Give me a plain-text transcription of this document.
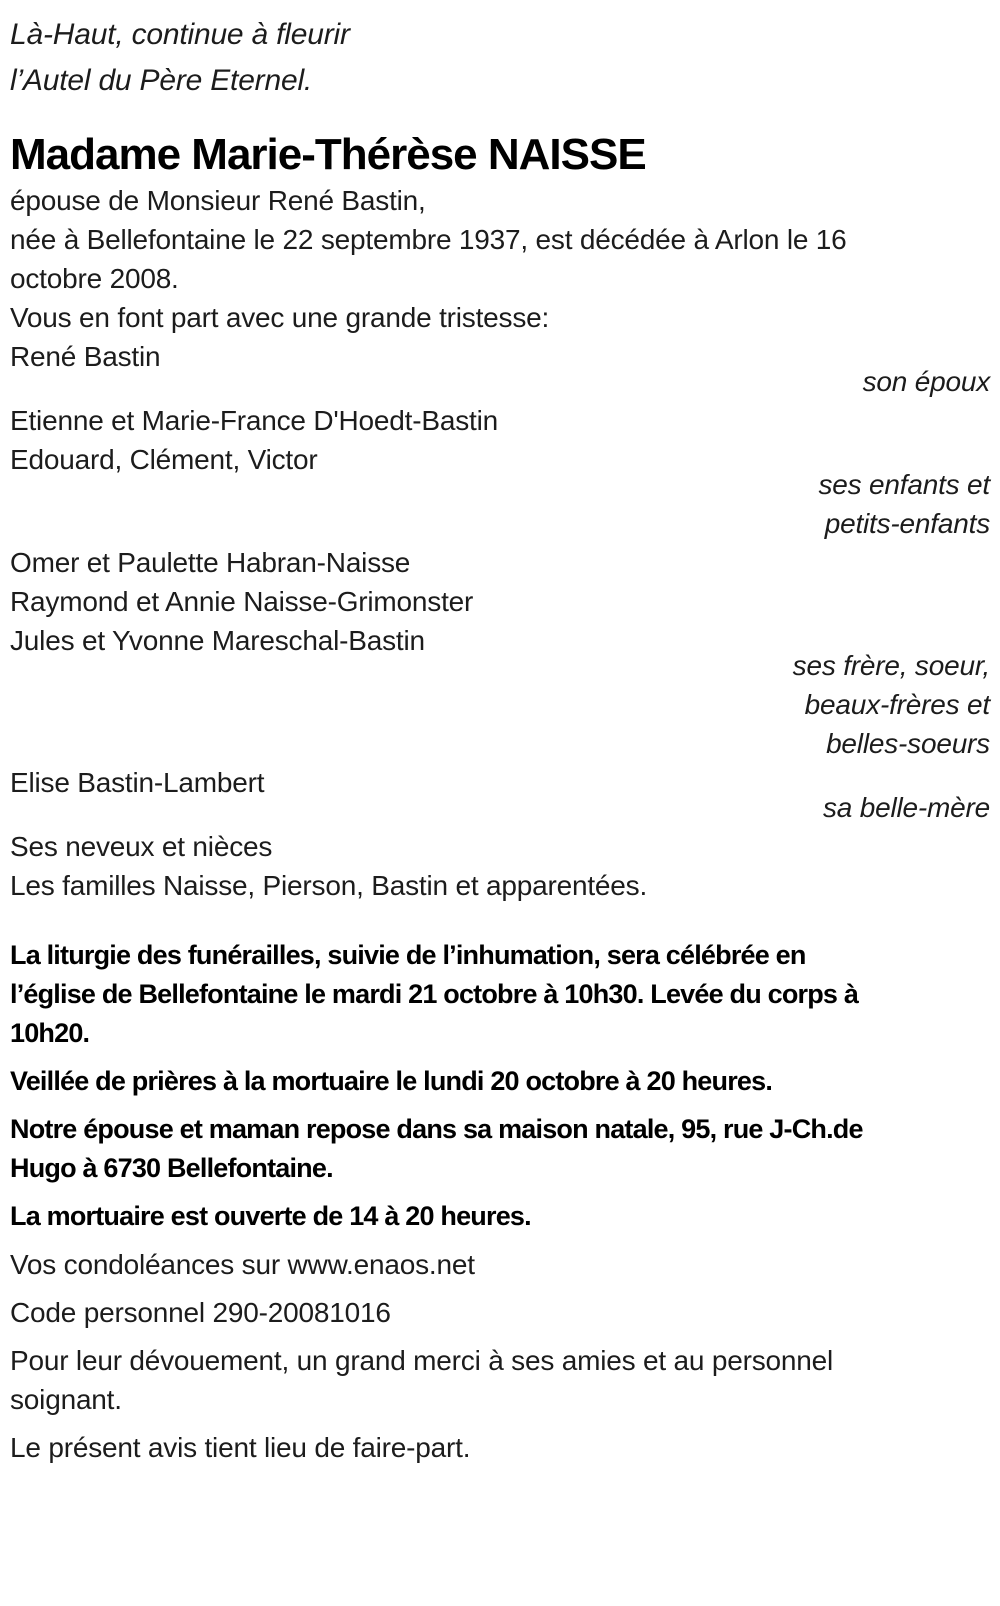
Là-Haut, continue à fleurir
l’Autel du Père Eternel.
Madame Marie-Thérèse NAISSE

épouse de Monsieur René Bastin,

née à Bellefontaine le 22 septembre 1937, est décédée à Arlon le 16
octobre 2008.

Vous en font part avec une grande tristesse:

René Bastin
son époux
Etienne et Marie-France D'Hoedt-Bastin
Edouard, Clément, Victor
ses enfants et
petits-enfants
Omer et Paulette Habran-Naisse
Raymond et Annie Naisse-Grimonster
Jules et Yvonne Mareschal-Bastin
ses frère, soeur,
beaux-frères et
belles-soeurs
Elise Bastin-Lambert
sa belle-mère
Ses neveux et nièces
Les familles Naisse, Pierson, Bastin et apparentées.
La liturgie des funérailles, suivie de l’inhumation, sera célébrée en
l’église de Bellefontaine le mardi 21 octobre à 10h30. Levée du corps à
10h20.
Veillée de prières à la mortuaire le lundi 20 octobre à 20 heures.
Notre épouse et maman repose dans sa maison natale, 95, rue J-Ch.de
Hugo à 6730 Bellefontaine.
La mortuaire est ouverte de 14 à 20 heures.
Vos condoléances sur www.enaos.net
Code personnel 290-20081016
Pour leur dévouement, un grand merci à ses amies et au personnel
soignant.
Le présent avis tient lieu de faire-part.
